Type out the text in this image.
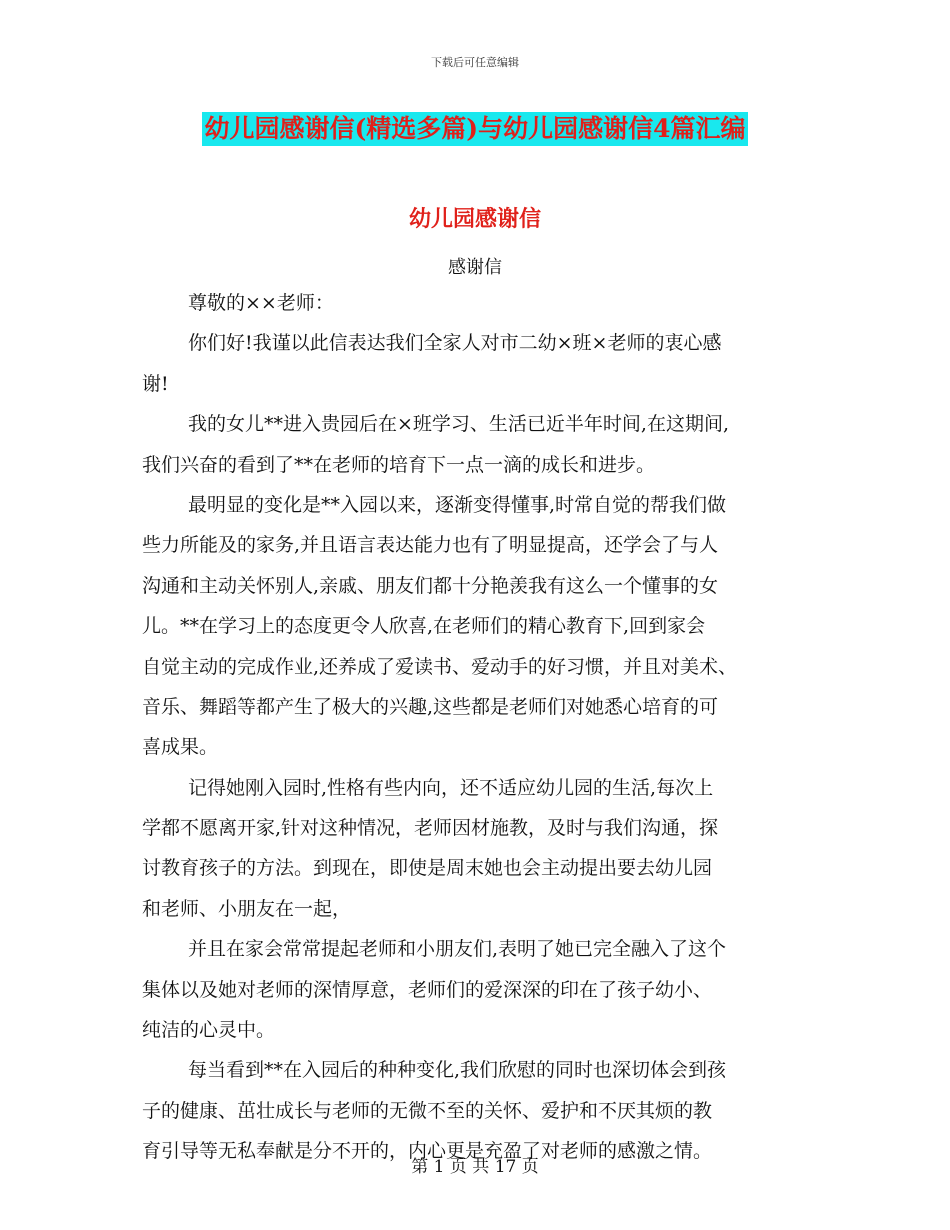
下载后可任意编辑
幼儿园感谢信(精选多篇)与幼儿园感谢信4篇汇编
幼儿园感谢信
感谢信
尊敬的××老师：
你们好!我谨以此信表达我们全家人对市二幼×班×老师的衷心感
谢!
我的女儿**进入贵园后在×班学习、生活已近半年时间,在这期间,
我们兴奋的看到了**在老师的培育下一点一滴的成长和进步。
最明显的变化是**入园以来，逐渐变得懂事,时常自觉的帮我们做
些力所能及的家务,并且语言表达能力也有了明显提高，还学会了与人
沟通和主动关怀别人,亲戚、朋友们都十分艳羡我有这么一个懂事的女
儿。**在学习上的态度更令人欣喜,在老师们的精心教育下,回到家会
自觉主动的完成作业,还养成了爱读书、爱动手的好习惯，并且对美术、
音乐、舞蹈等都产生了极大的兴趣,这些都是老师们对她悉心培育的可
喜成果。
记得她刚入园时,性格有些内向，还不适应幼儿园的生活,每次上
学都不愿离开家,针对这种情况，老师因材施教，及时与我们沟通，探
讨教育孩子的方法。到现在，即使是周末她也会主动提出要去幼儿园
和老师、小朋友在一起，
并且在家会常常提起老师和小朋友们,表明了她已完全融入了这个
集体以及她对老师的深情厚意，老师们的爱深深的印在了孩子幼小、
纯洁的心灵中。
每当看到**在入园后的种种变化,我们欣慰的同时也深切体会到孩
子的健康、茁壮成长与老师的无微不至的关怀、爱护和不厌其烦的教
育引导等无私奉献是分不开的，内心更是充盈了对老师的感激之情。
第 1 页 共 17 页
